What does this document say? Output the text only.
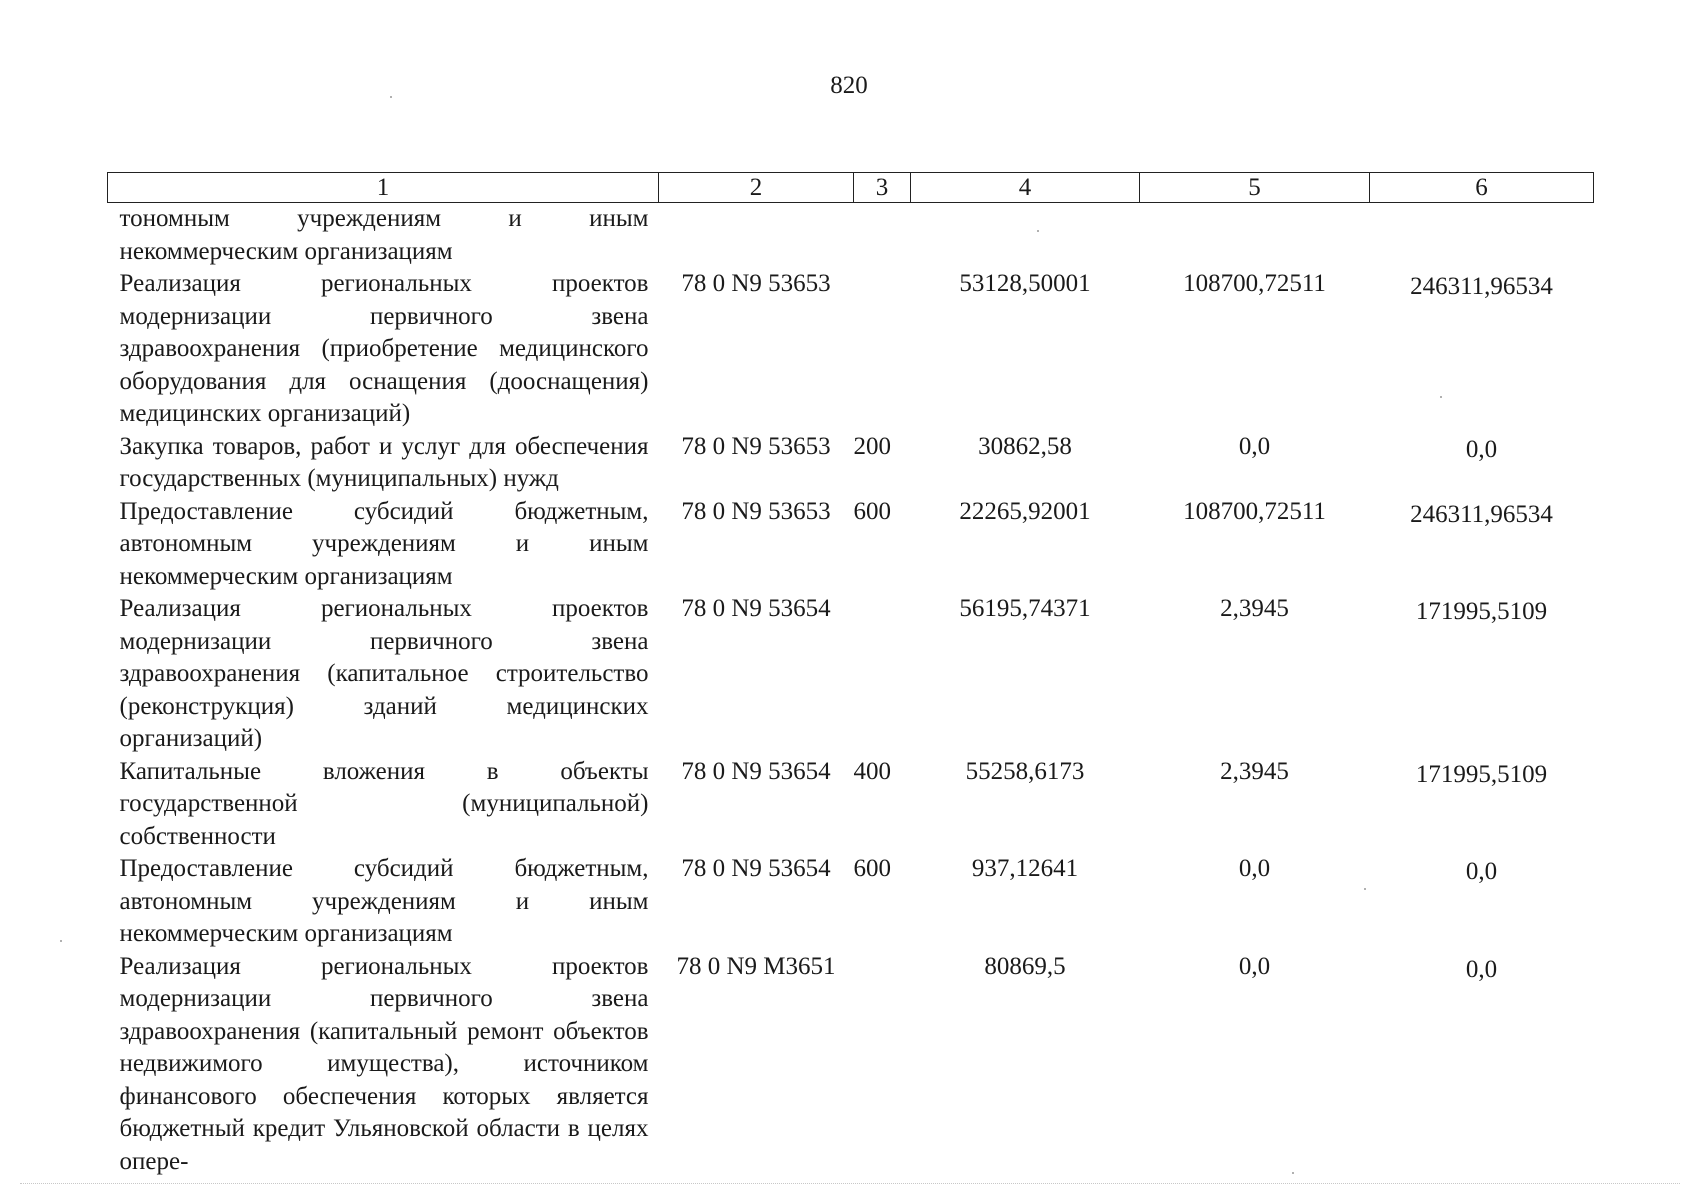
820
1	2	3	4	5	6
тономным учреждениям и иным некоммерческим организациям					
Реализация региональных проектов модернизации первичного звена здравоохранения (приобретение медицинского оборудования для оснащения (дооснащения) медицинских организаций)	78 0 N9 53653		53128,50001	108700,72511	246311,96534
Закупка товаров, работ и услуг для обеспечения государственных (муниципальных) нужд	78 0 N9 53653	200	30862,58	0,0	0,0
Предоставление субсидий бюджетным, автономным учреждениям и иным некоммерческим организациям	78 0 N9 53653	600	22265,92001	108700,72511	246311,96534
Реализация региональных проектов модернизации первичного звена здравоохранения (капитальное строительство (реконструкция) зданий медицинских организаций)	78 0 N9 53654		56195,74371	2,3945	171995,5109
Капитальные вложения в объекты государственной (муниципальной) собственности	78 0 N9 53654	400	55258,6173	2,3945	171995,5109
Предоставление субсидий бюджетным, автономным учреждениям и иным некоммерческим организациям	78 0 N9 53654	600	937,12641	0,0	0,0
Реализация региональных проектов модернизации первичного звена здравоохранения (капитальный ремонт объектов недвижимого имущества), источником финансового обеспечения которых является бюджетный кредит Ульяновской области в целях опере-	78 0 N9 M3651		80869,5	0,0	0,0
